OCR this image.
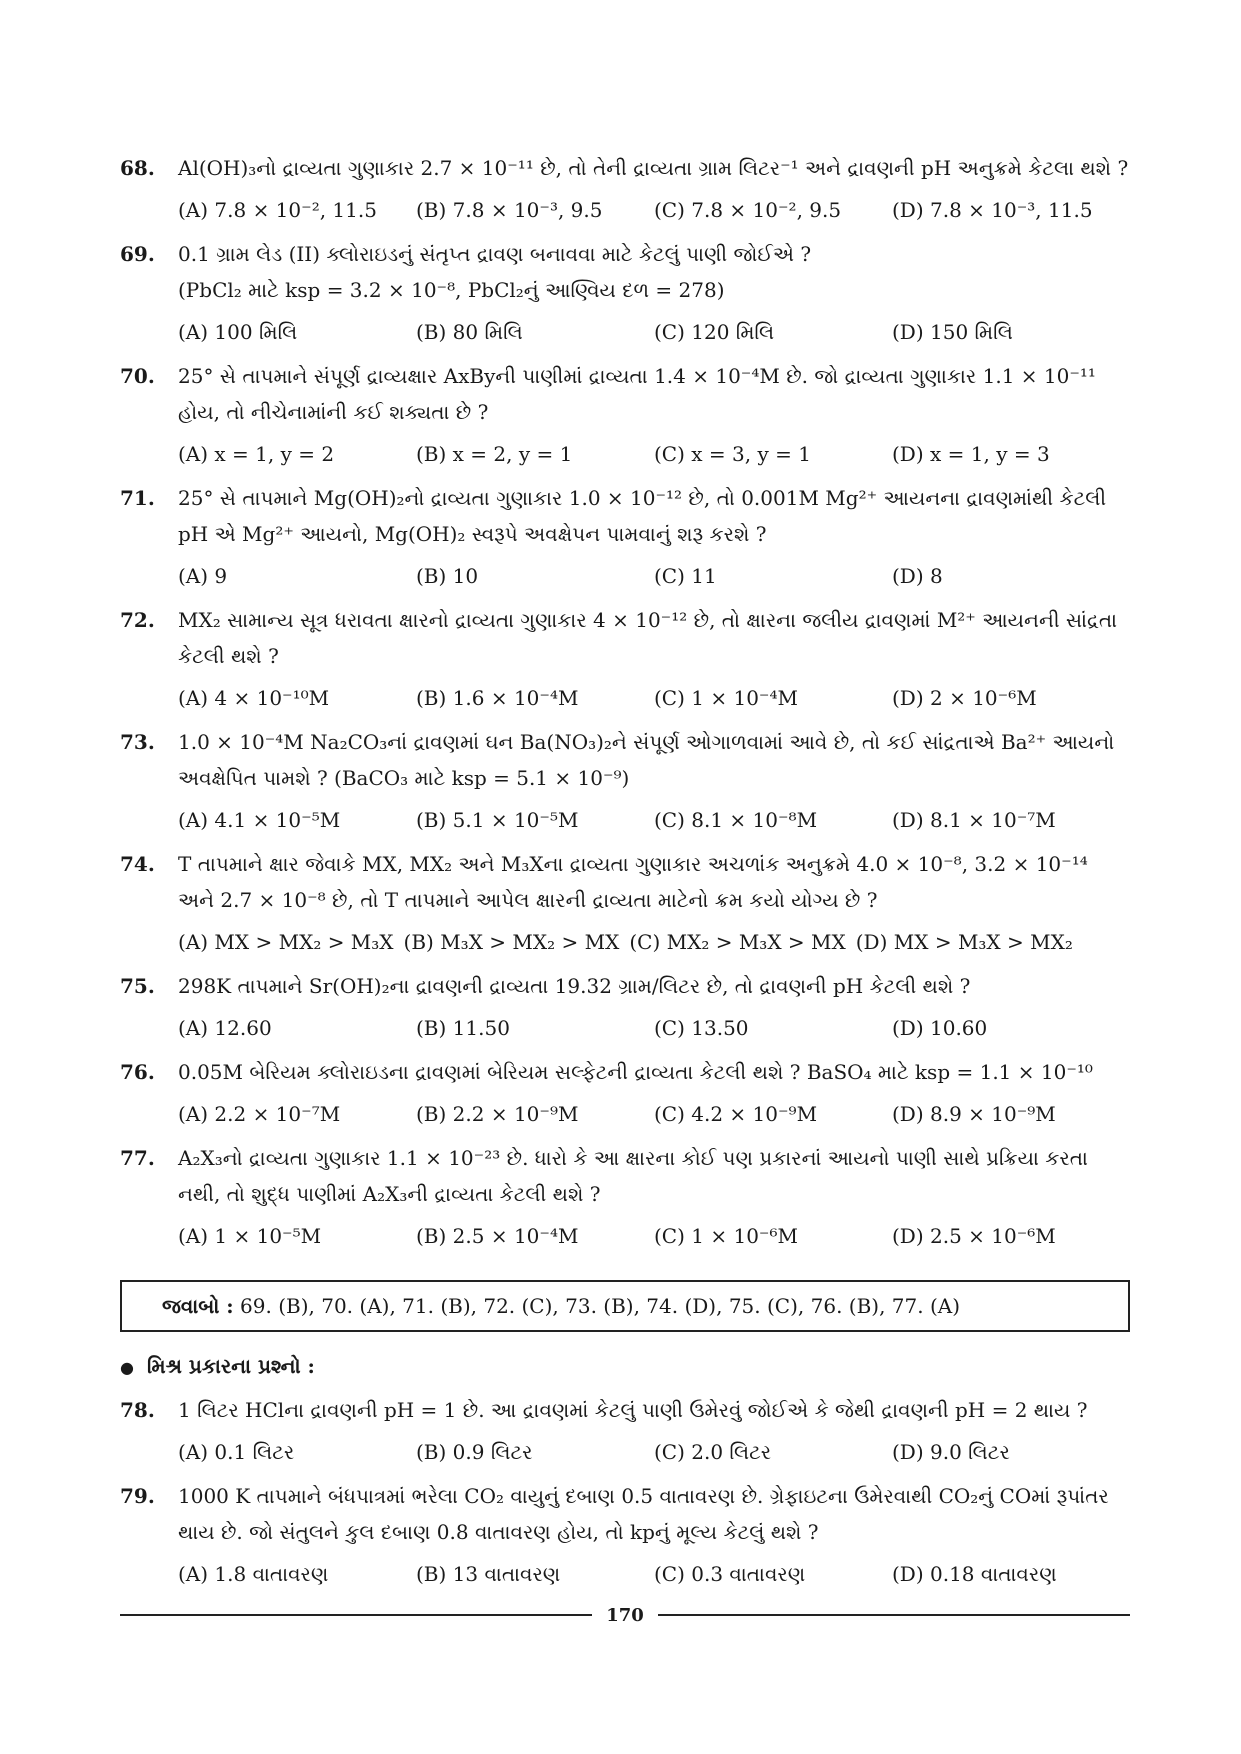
68.	Al(OH)₃નો દ્રાવ્યતા ગુણાકાર 2.7 × 10⁻¹¹ છે, તો તેની દ્રાવ્યતા ગ્રામ લિટર⁻¹ અને દ્રાવણની pH અનુક્રમે કેટલા થશે ?

(A) 7.8 × 10⁻², 11.5	(B) 7.8 × 10⁻³, 9.5	(C) 7.8 × 10⁻², 9.5	(D) 7.8 × 10⁻³, 11.5
69.	0.1 ગ્રામ લેડ (II) ક્લોરાઇડનું સંતૃપ્ત દ્રાવણ બનાવવા માટે કેટલું પાણી જોઈએ ?

(PbCl₂ માટે ksp = 3.2 × 10⁻⁸, PbCl₂નું આણ્વિય દળ = 278)

(A) 100 મિલિ	(B) 80 મિલિ	(C) 120 મિલિ	(D) 150 મિલિ
70.	25° સે તાપમાને સંપૂર્ણ દ્રાવ્યક્ષાર AxByની પાણીમાં દ્રાવ્યતા 1.4 × 10⁻⁴M છે. જો દ્રાવ્યતા ગુણાકાર 1.1 × 10⁻¹¹ હોય, તો નીચેનામાંની કઈ શક્યતા છે ?

(A) x = 1, y = 2	(B) x = 2, y = 1	(C) x = 3, y = 1	(D) x = 1, y = 3
71.	25° સે તાપમાને Mg(OH)₂નો દ્રાવ્યતા ગુણાકાર 1.0 × 10⁻¹² છે, તો 0.001M Mg²⁺ આયનના દ્રાવણમાંથી કેટલી pH એ Mg²⁺ આયનો, Mg(OH)₂ સ્વરૂપે અવક્ષેપન પામવાનું શરૂ કરશે ?

(A) 9	(B) 10	(C) 11	(D) 8
72.	MX₂ સામાન્ય સૂત્ર ધરાવતા ક્ષારનો દ્રાવ્યતા ગુણાકાર 4 × 10⁻¹² છે, તો ક્ષારના જલીય દ્રાવણમાં M²⁺ આયનની સાંદ્રતા કેટલી થશે ?

(A) 4 × 10⁻¹⁰M	(B) 1.6 × 10⁻⁴M	(C) 1 × 10⁻⁴M	(D) 2 × 10⁻⁶M
73.	1.0 × 10⁻⁴M Na₂CO₃નાં દ્રાવણમાં ઘન Ba(NO₃)₂ને સંપૂર્ણ ઓગાળવામાં આવે છે, તો કઈ સાંદ્રતાએ Ba²⁺ આયનો અવક્ષેપિત પામશે ? (BaCO₃ માટે ksp = 5.1 × 10⁻⁹)

(A) 4.1 × 10⁻⁵M	(B) 5.1 × 10⁻⁵M	(C) 8.1 × 10⁻⁸M	(D) 8.1 × 10⁻⁷M
74.	T તાપમાને ક્ષાર જેવાકે MX, MX₂ અને M₃Xના દ્રાવ્યતા ગુણાકાર અચળાંક અનુક્રમે 4.0 × 10⁻⁸, 3.2 × 10⁻¹⁴ અને 2.7 × 10⁻⁸ છે, તો T તાપમાને આપેલ ક્ષારની દ્રાવ્યતા માટેનો ક્રમ કયો યોગ્ય છે ?

(A) MX > MX₂ > M₃X (B) M₃X > MX₂ > MX (C) MX₂ > M₃X > MX (D) MX > M₃X > MX₂
75.	298K તાપમાને Sr(OH)₂ના દ્રાવણની દ્રાવ્યતા 19.32 ગ્રામ/લિટર છે, તો દ્રાવણની pH કેટલી થશે ?

(A) 12.60	(B) 11.50	(C) 13.50	(D) 10.60
76.	0.05M બેરિયમ ક્લોરાઇડના દ્રાવણમાં બેરિયમ સલ્ફેટની દ્રાવ્યતા કેટલી થશે ? BaSO₄ માટે ksp = 1.1 × 10⁻¹⁰

(A) 2.2 × 10⁻⁷M	(B) 2.2 × 10⁻⁹M	(C) 4.2 × 10⁻⁹M	(D) 8.9 × 10⁻⁹M
77.	A₂X₃નો દ્રાવ્યતા ગુણાકાર 1.1 × 10⁻²³ છે. ધારો કે આ ક્ષારના કોઈ પણ પ્રકારનાં આયનો પાણી સાથે પ્રક્રિયા કરતા નથી, તો શુદ્ધ પાણીમાં A₂X₃ની દ્રાવ્યતા કેટલી થશે ?

(A) 1 × 10⁻⁵M	(B) 2.5 × 10⁻⁴M	(C) 1 × 10⁻⁶M	(D) 2.5 × 10⁻⁶M
જવાબો : 69. (B), 70. (A), 71. (B), 72. (C), 73. (B), 74. (D), 75. (C), 76. (B), 77. (A)
● મિશ્ર પ્રકારના પ્રશ્નો :
78.	1 લિટર HClના દ્રાવણની pH = 1 છે. આ દ્રાવણમાં કેટલું પાણી ઉમેરવું જોઈએ કે જેથી દ્રાવણની pH = 2 થાય ?

(A) 0.1 લિટર	(B) 0.9 લિટર	(C) 2.0 લિટર	(D) 9.0 લિટર
79.	1000 K તાપમાને બંધપાત્રમાં ભરેલા CO₂ વાયુનું દબાણ 0.5 વાતાવરણ છે. ગ્રેફાઇટના ઉમેરવાથી CO₂નું COમાં રૂપાંતર થાય છે. જો સંતુલને કુલ દબાણ 0.8 વાતાવરણ હોય, તો kpનું મૂલ્ય કેટલું થશે ?

(A) 1.8 વાતાવરણ	(B) 13 વાતાવરણ	(C) 0.3 વાતાવરણ	(D) 0.18 વાતાવરણ
170
